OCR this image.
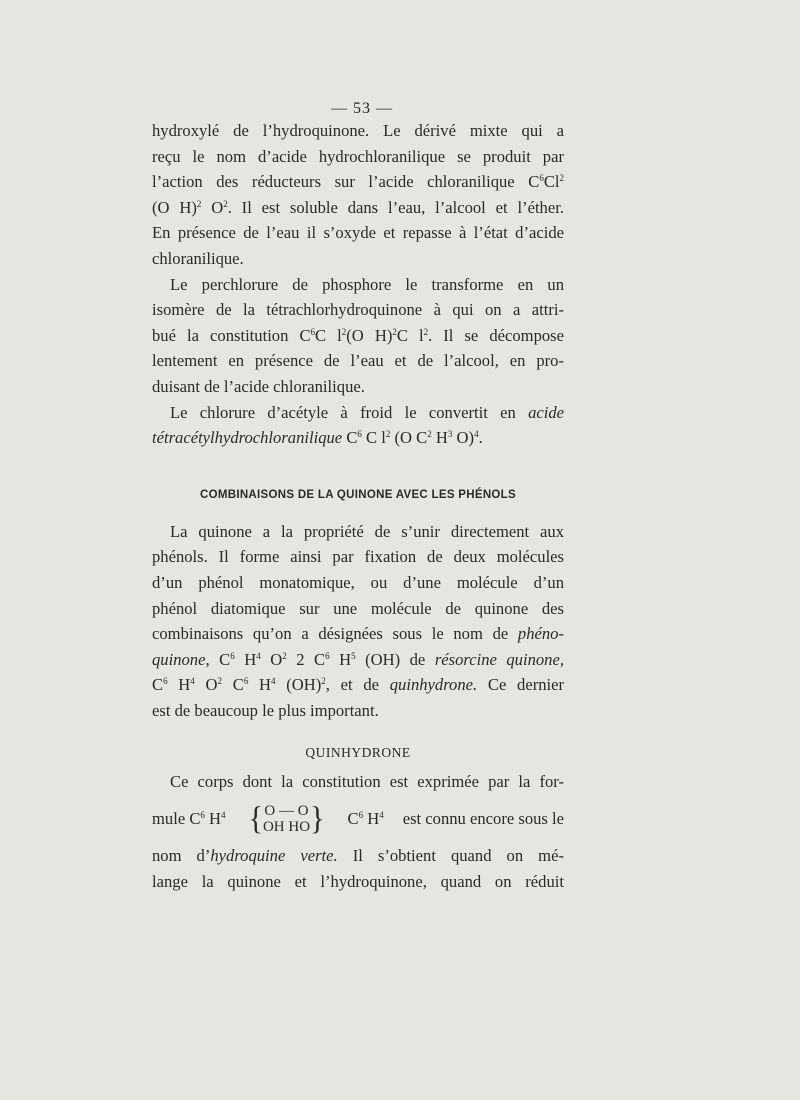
— 53 —

hydroxylé de l’hydroquinone. Le dérivé mixte qui a

reçu le nom d’acide hydrochloranilique se produit par

l’action des réducteurs sur l’acide chloranilique $C^6Cl^2$

(O H)$^2$ $O^2$. Il est soluble dans l’eau, l’alcool et l’éther.

En présence de l’eau il s’oxyde et repasse à l’état d’acide

chloranilique.

Le perchlorure de phosphore le transforme en un

isomère de la tétrachlorhydroquinone à qui on a attri-

bué la constitution $C^6C$ $l^2(O$ H)$^2$C $l^2$. Il se décompose

lentement en présence de l’eau et de l’alcool, en pro-

duisant de l’acide chloranilique.

Le chlorure d’acétyle à froid le convertit en acide

tétracétylhydrochloranilique $C^6$ C $l^2$ (O $C^2$ $H^3$ O)$^4$.

COMBINAISONS DE LA QUINONE AVEC LES PHÉNOLS

La quinone a la propriété de s’unir directement aux

phénols. Il forme ainsi par fixation de deux molécules

d’un phénol monatomique, ou d’une molécule d’un

phénol diatomique sur une molécule de quinone des

combinaisons qu’on a désignées sous le nom de phéno-

quinone, $C^6$ $H^4$ $O^2$ 2 $C^6$ $H^5$ (OH) de résorcine quinone,

$C^6$ $H^4$ $O^2$ $C^6$ $H^4$ (OH)$^2$, et de quinhydrone. Ce dernier

est de beaucoup le plus important.

QUINHYDRONE

Ce corps dont la constitution est exprimée par la for-

mule $C^6$ $H^4$ { O — O
OH HO } $C^6$ $H^4$ est connu encore sous le

nom d’hydroquine verte. Il s’obtient quand on mé-

lange la quinone et l’hydroquinone, quand on réduit
